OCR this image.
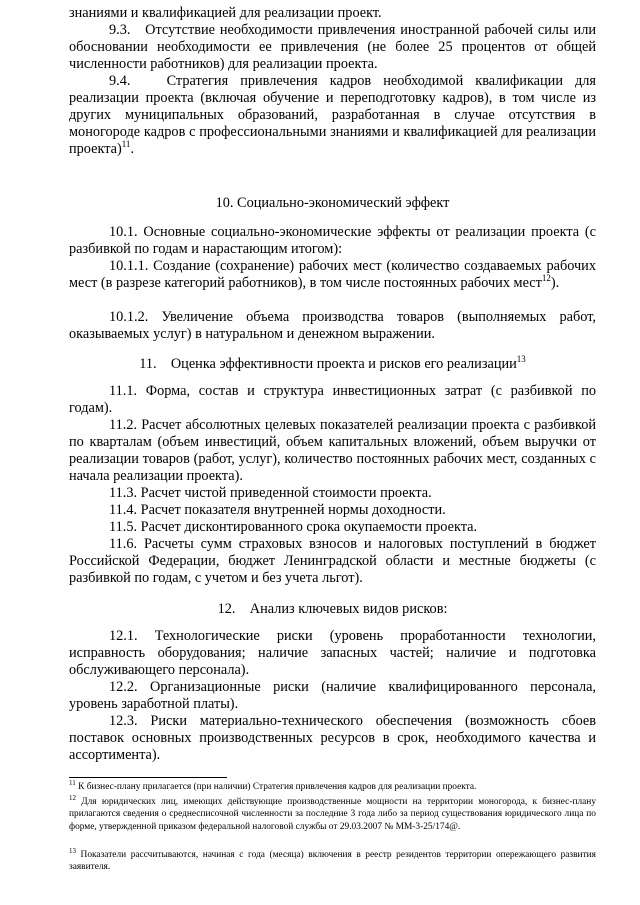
знаниями и квалификацией для реализации проект.

9.3.   Отсутствие необходимости привлечения иностранной рабочей силы или обосновании необходимости ее привлечения (не более 25 процентов от общей численности работников) для реализации проекта.

9.4.   Стратегия привлечения кадров необходимой квалификации для реализации проекта (включая обучение и переподготовку кадров), в том числе из других муниципальных образований, разработанная в случае отсутствия в моногороде кадров с профессиональными знаниями и квалификацией для реализации проекта)$^{11}$.

10. Социально-экономический эффект

10.1. Основные социально-экономические эффекты от реализации проекта (с разбивкой по годам и нарастающим итогом):

10.1.1. Создание (сохранение) рабочих мест (количество создаваемых рабочих мест (в разрезе категорий работников), в том числе постоянных рабочих мест$^{12}$).

10.1.2. Увеличение объема производства товаров (выполняемых работ, оказываемых услуг) в натуральном и денежном выражении.

11.    Оценка эффективности проекта и рисков его реализации$^{13}$

11.1. Форма, состав и структура инвестиционных затрат (с разбивкой по годам).

11.2. Расчет абсолютных целевых показателей реализации проекта с разбивкой по кварталам (объем инвестиций, объем капитальных вложений, объем выручки от реализации товаров (работ, услуг), количество постоянных рабочих мест, созданных с начала реализации проекта).

11.3. Расчет чистой приведенной стоимости проекта.

11.4. Расчет показателя внутренней нормы доходности.

11.5. Расчет дисконтированного срока окупаемости проекта.

11.6. Расчеты сумм страховых взносов и налоговых поступлений в бюджет Российской Федерации, бюджет Ленинградской области и местные бюджеты (с разбивкой по годам, с учетом и без учета льгот).

12.    Анализ ключевых видов рисков:

12.1. Технологические риски (уровень проработанности технологии, исправность оборудования; наличие запасных частей; наличие и подготовка обслуживающего персонала).

12.2. Организационные риски (наличие квалифицированного персонала, уровень заработной платы).

12.3. Риски материально-технического обеспечения (возможность сбоев поставок основных производственных ресурсов в срок, необходимого качества и ассортимента).

$^{11}$ К бизнес-плану прилагается (при наличии) Стратегия привлечения кадров для реализации проекта.

$^{12}$ Для юридических лиц, имеющих действующие производственные мощности на территории моногорода, к бизнес-плану прилагаются сведения о среднесписочной численности за последние 3 года либо за период существования юридического лица по форме, утвержденной приказом федеральной налоговой службы от 29.03.2007 № ММ-3-25/174@.

$^{13}$ Показатели рассчитываются, начиная с года (месяца) включения в реестр резидентов территории опережающего развития заявителя.
